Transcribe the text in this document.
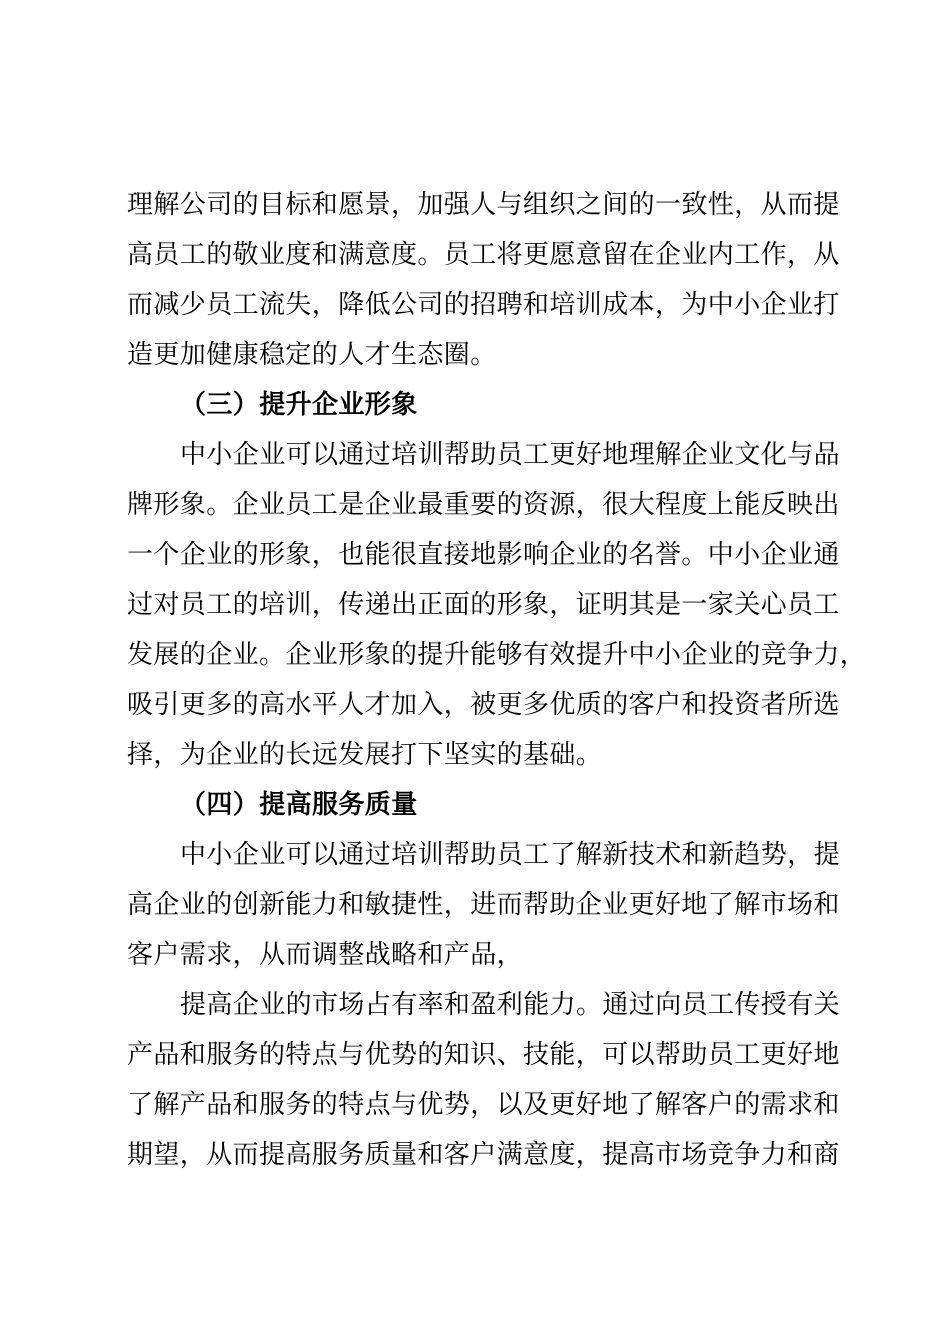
理解公司的目标和愿景，加强人与组织之间的一致性，从而提
高员工的敬业度和满意度。员工将更愿意留在企业内工作，从
而减少员工流失，降低公司的招聘和培训成本，为中小企业打
造更加健康稳定的人才生态圈。
（三）提升企业形象
中小企业可以通过培训帮助员工更好地理解企业文化与品
牌形象。企业员工是企业最重要的资源，很大程度上能反映出
一个企业的形象，也能很直接地影响企业的名誉。中小企业通
过对员工的培训，传递出正面的形象，证明其是一家关心员工
发展的企业。企业形象的提升能够有效提升中小企业的竞争力，
吸引更多的高水平人才加入，被更多优质的客户和投资者所选
择，为企业的长远发展打下坚实的基础。
（四）提高服务质量
中小企业可以通过培训帮助员工了解新技术和新趋势，提
高企业的创新能力和敏捷性，进而帮助企业更好地了解市场和
客户需求，从而调整战略和产品，
提高企业的市场占有率和盈利能力。通过向员工传授有关
产品和服务的特点与优势的知识、技能，可以帮助员工更好地
了解产品和服务的特点与优势，以及更好地了解客户的需求和
期望，从而提高服务质量和客户满意度，提高市场竞争力和商
